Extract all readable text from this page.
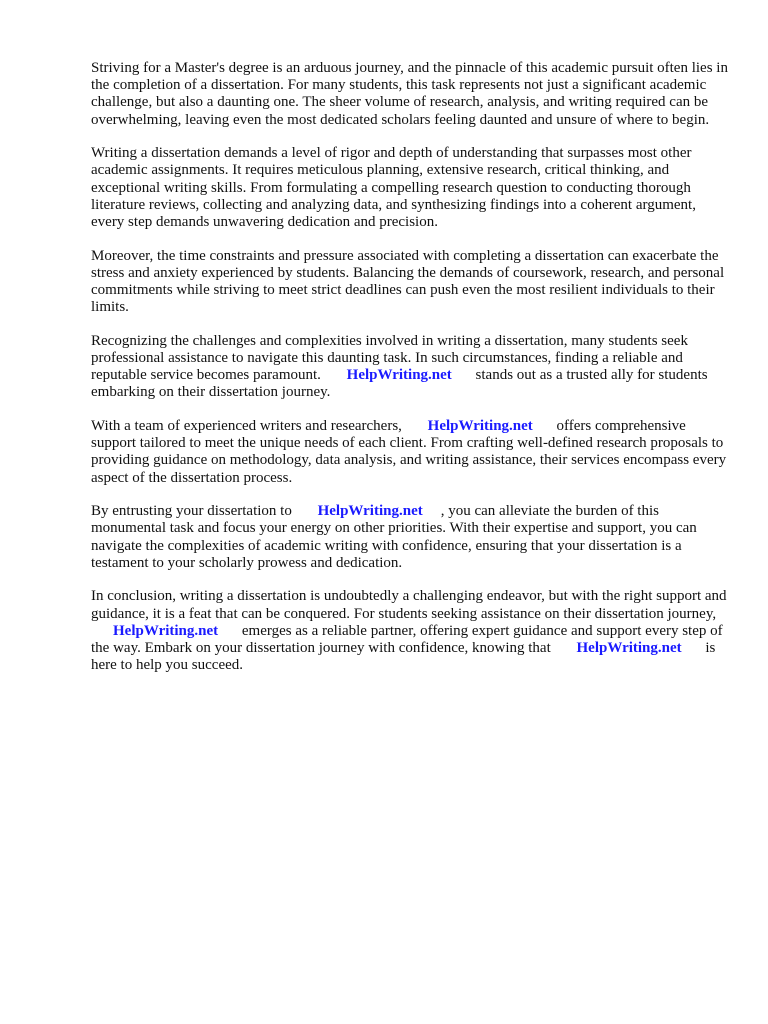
Striving for a Master's degree is an arduous journey, and the pinnacle of this academic pursuit often lies in the completion of a dissertation. For many students, this task represents not just a significant academic challenge, but also a daunting one. The sheer volume of research, analysis, and writing required can be overwhelming, leaving even the most dedicated scholars feeling daunted and unsure of where to begin.

Writing a dissertation demands a level of rigor and depth of understanding that surpasses most other academic assignments. It requires meticulous planning, extensive research, critical thinking, and exceptional writing skills. From formulating a compelling research question to conducting thorough literature reviews, collecting and analyzing data, and synthesizing findings into a coherent argument, every step demands unwavering dedication and precision.

Moreover, the time constraints and pressure associated with completing a dissertation can exacerbate the stress and anxiety experienced by students. Balancing the demands of coursework, research, and personal commitments while striving to meet strict deadlines can push even the most resilient individuals to their limits.

Recognizing the challenges and complexities involved in writing a dissertation, many students seek professional assistance to navigate this daunting task. In such circumstances, finding a reliable and reputable service becomes paramount. HelpWriting.net stands out as a trusted ally for students embarking on their dissertation journey.

With a team of experienced writers and researchers, HelpWriting.net offers comprehensive support tailored to meet the unique needs of each client. From crafting well-defined research proposals to providing guidance on methodology, data analysis, and writing assistance, their services encompass every aspect of the dissertation process.

By entrusting your dissertation to HelpWriting.net , you can alleviate the burden of this monumental task and focus your energy on other priorities. With their expertise and support, you can navigate the complexities of academic writing with confidence, ensuring that your dissertation is a testament to your scholarly prowess and dedication.

In conclusion, writing a dissertation is undoubtedly a challenging endeavor, but with the right support and guidance, it is a feat that can be conquered. For students seeking assistance on their dissertation journey, HelpWriting.net emerges as a reliable partner, offering expert guidance and support every step of the way. Embark on your dissertation journey with confidence, knowing that HelpWriting.net is here to help you succeed.
